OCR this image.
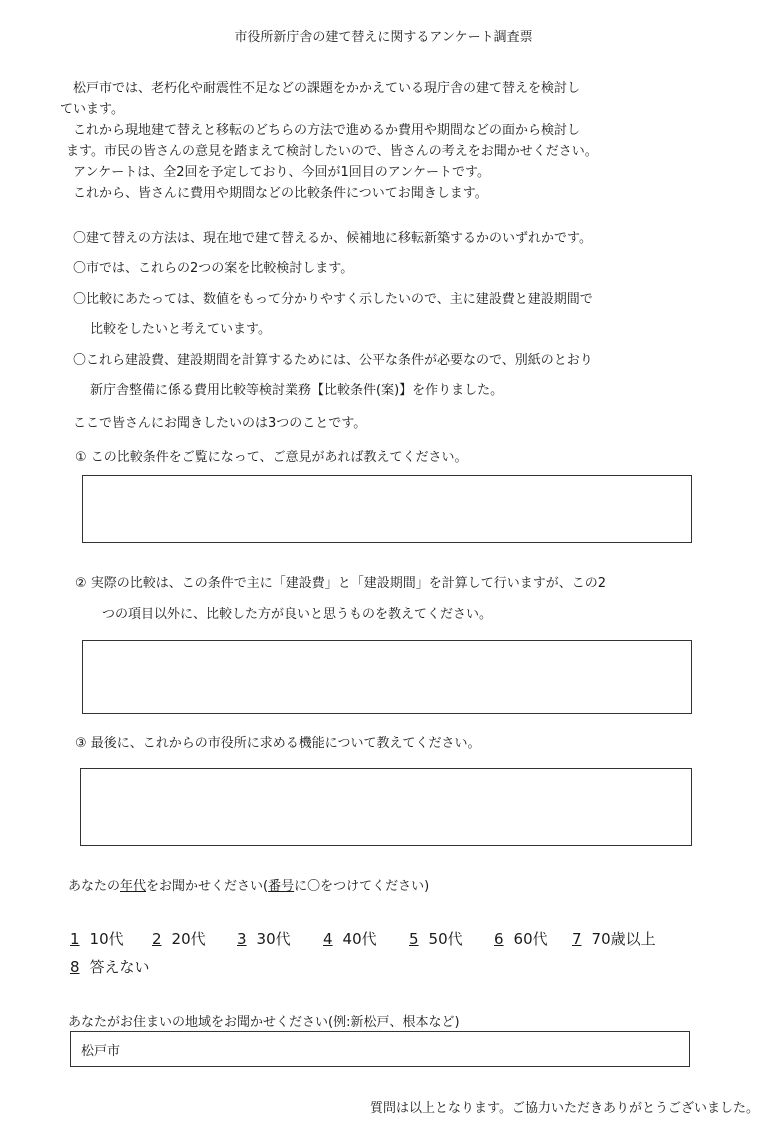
市役所新庁舎の建て替えに関するアンケート調査票
松戸市では、老朽化や耐震性不足などの課題をかかえている現庁舎の建て替えを検討し
ています。
これから現地建て替えと移転のどちらの方法で進めるか費用や期間などの面から検討し
ます。市民の皆さんの意見を踏まえて検討したいので、皆さんの考えをお聞かせください。
アンケートは、全2回を予定しており、今回が1回目のアンケートです。
これから、皆さんに費用や期間などの比較条件についてお聞きします。
〇建て替えの方法は、現在地で建て替えるか、候補地に移転新築するかのいずれかです。
〇市では、これらの2つの案を比較検討します。
〇比較にあたっては、数値をもって分かりやすく示したいので、主に建設費と建設期間で
比較をしたいと考えています。
〇これら建設費、建設期間を計算するためには、公平な条件が必要なので、別紙のとおり
新庁舎整備に係る費用比較等検討業務【比較条件(案)】を作りました。
ここで皆さんにお聞きしたいのは3つのことです。
① この比較条件をご覧になって、ご意見があれば教えてください。
② 実際の比較は、この条件で主に「建設費」と「建設期間」を計算して行いますが、この2
つの項目以外に、比較した方が良いと思うものを教えてください。
③ 最後に、これからの市役所に求める機能について教えてください。
あなたの年代をお聞かせください(番号に〇をつけてください)
1 10代 2 20代 3 30代 4 40代 5 50代 6 60代 7 70歳以上
8 答えない
あなたがお住まいの地域をお聞かせください(例:新松戸、根本など)
松戸市
質問は以上となります。ご協力いただきありがとうございました。
